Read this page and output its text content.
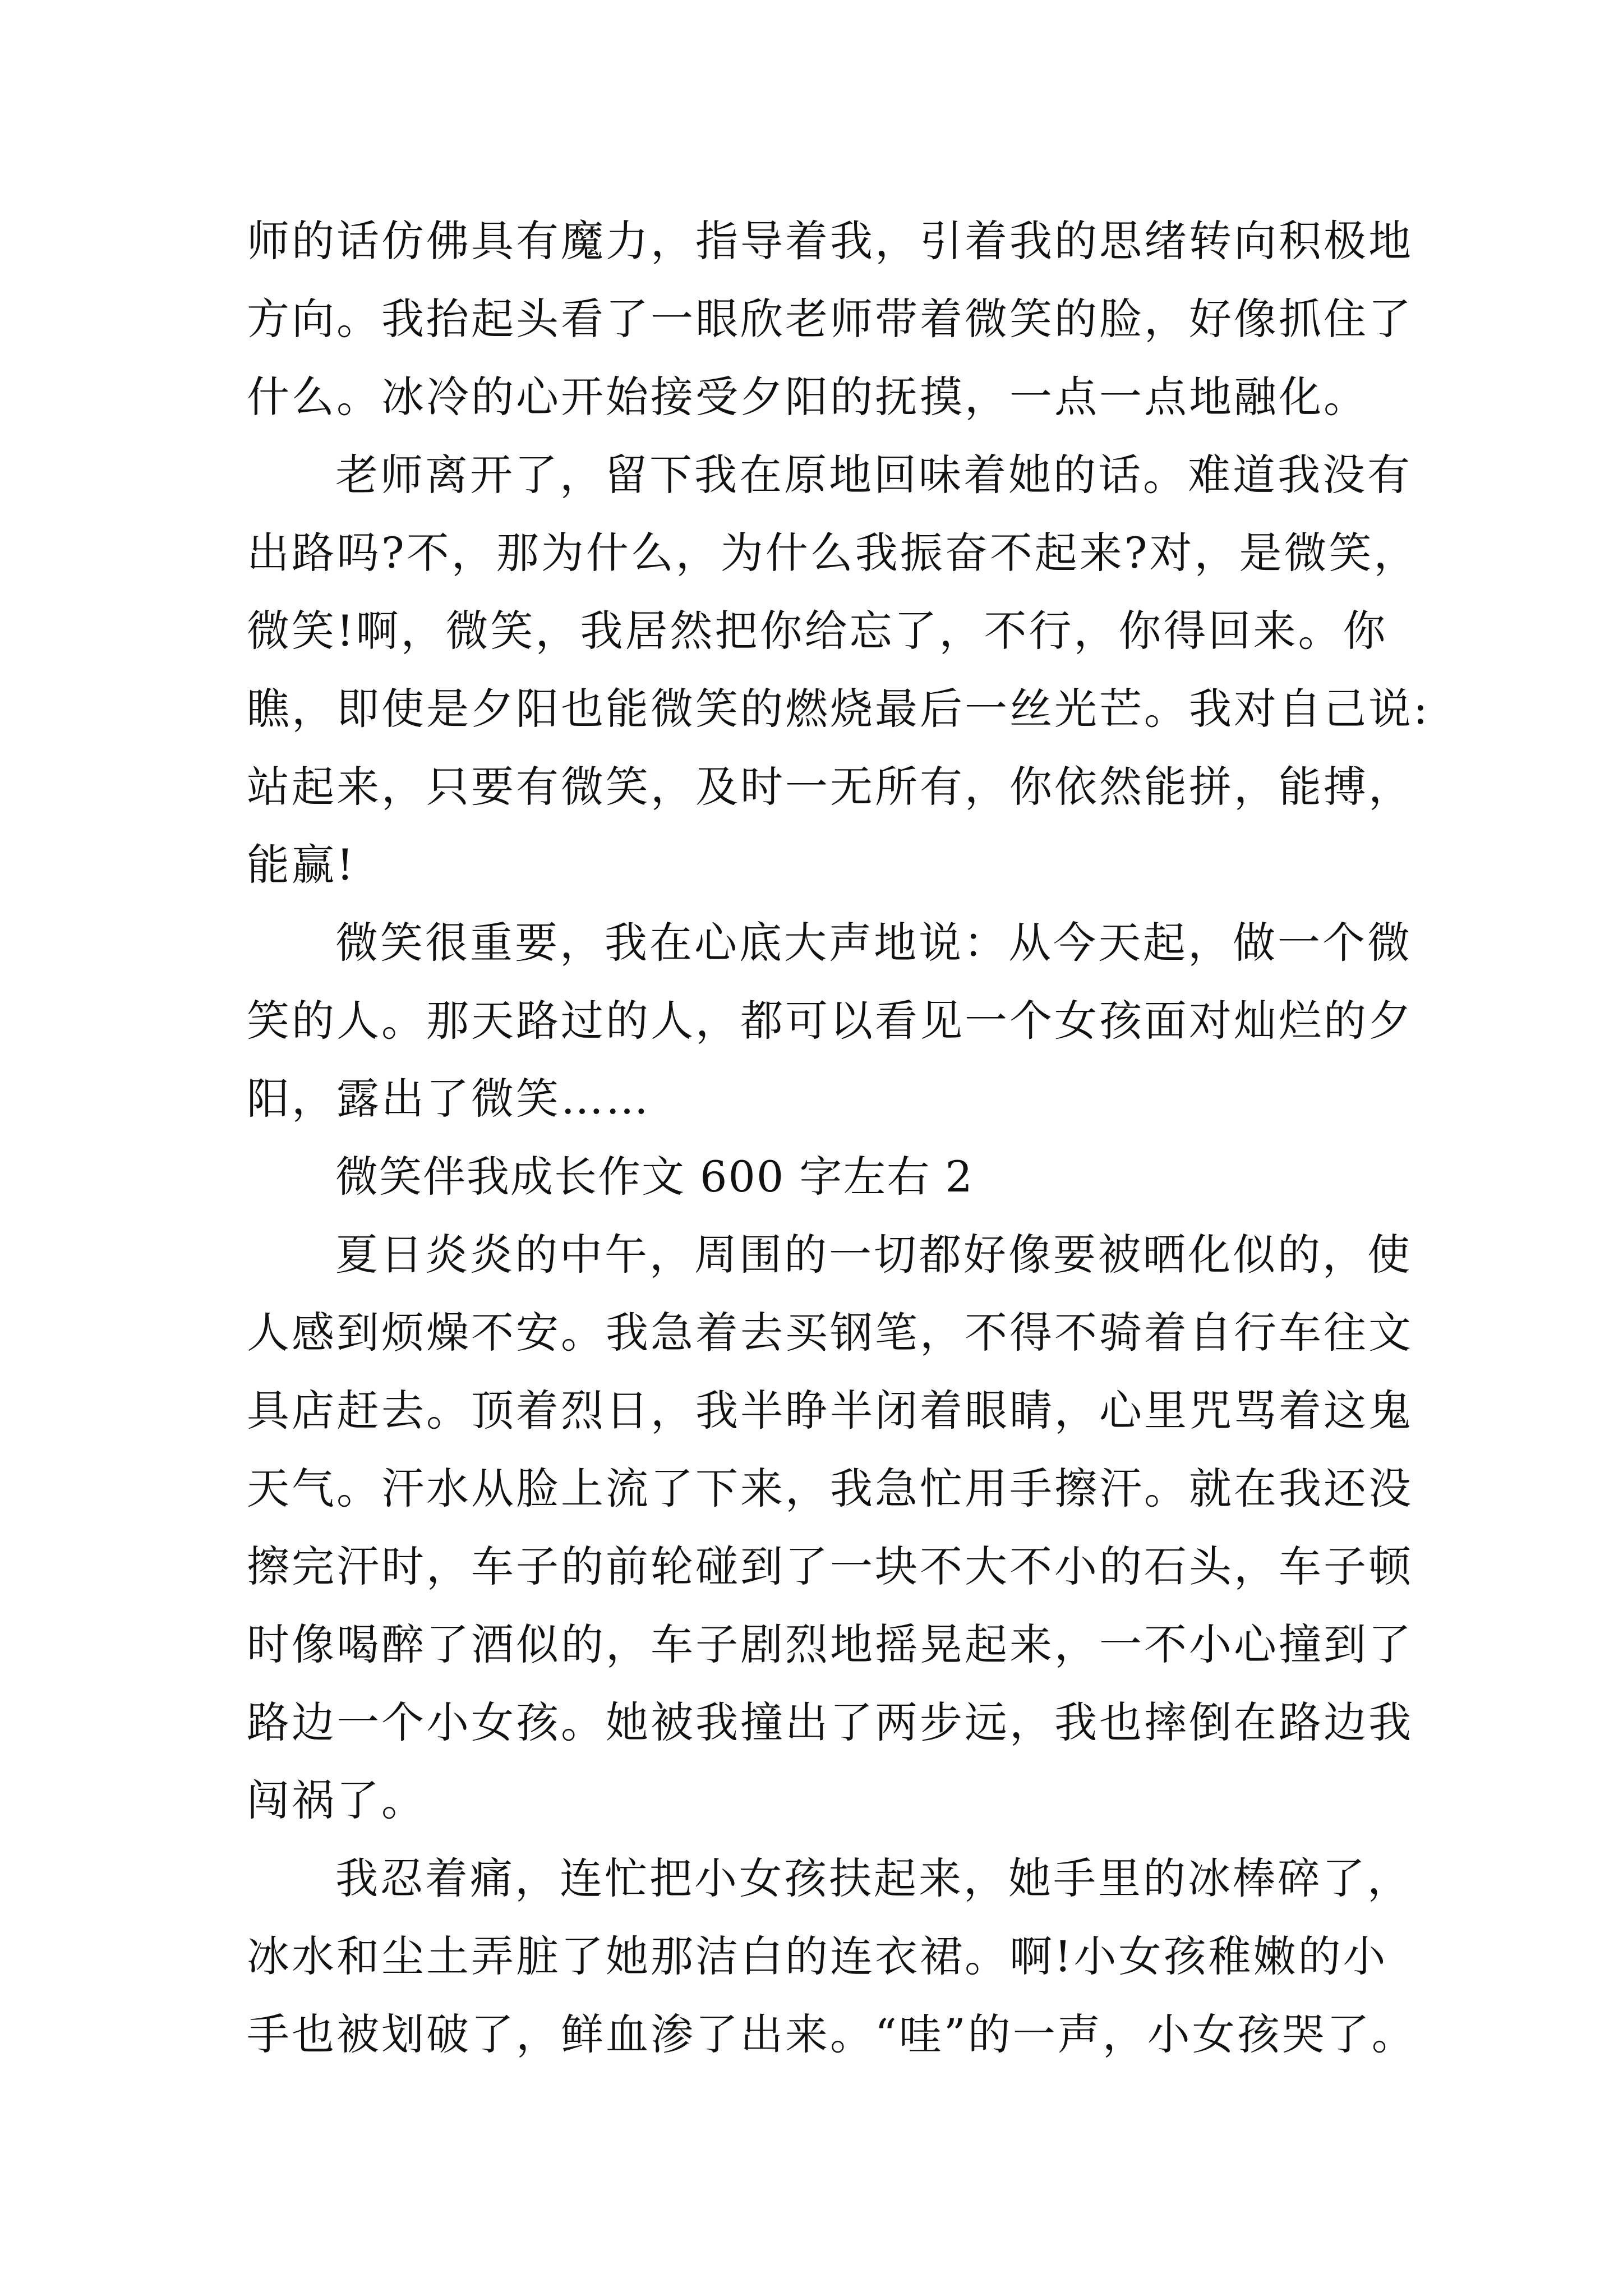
师的话仿佛具有魔力，指导着我，引着我的思绪转向积极地
方向。我抬起头看了一眼欣老师带着微笑的脸，好像抓住了
什么。冰冷的心开始接受夕阳的抚摸，一点一点地融化。
老师离开了，留下我在原地回味着她的话。难道我没有
出路吗?不，那为什么，为什么我振奋不起来?对，是微笑，
微笑!啊，微笑，我居然把你给忘了，不行，你得回来。你
瞧，即使是夕阳也能微笑的燃烧最后一丝光芒。我对自己说:
站起来，只要有微笑，及时一无所有，你依然能拼，能搏，
能赢!
微笑很重要，我在心底大声地说：从今天起，做一个微
笑的人。那天路过的人，都可以看见一个女孩面对灿烂的夕
阳，露出了微笑……
微笑伴我成长作文 600 字左右 2
夏日炎炎的中午，周围的一切都好像要被晒化似的，使
人感到烦燥不安。我急着去买钢笔，不得不骑着自行车往文
具店赶去。顶着烈日，我半睁半闭着眼睛，心里咒骂着这鬼
天气。汗水从脸上流了下来，我急忙用手擦汗。就在我还没
擦完汗时，车子的前轮碰到了一块不大不小的石头，车子顿
时像喝醉了酒似的，车子剧烈地摇晃起来，一不小心撞到了
路边一个小女孩。她被我撞出了两步远，我也摔倒在路边我
闯祸了。
我忍着痛，连忙把小女孩扶起来，她手里的冰棒碎了，
冰水和尘土弄脏了她那洁白的连衣裙。啊!小女孩稚嫩的小
手也被划破了，鲜血渗了出来。“哇”的一声，小女孩哭了。
